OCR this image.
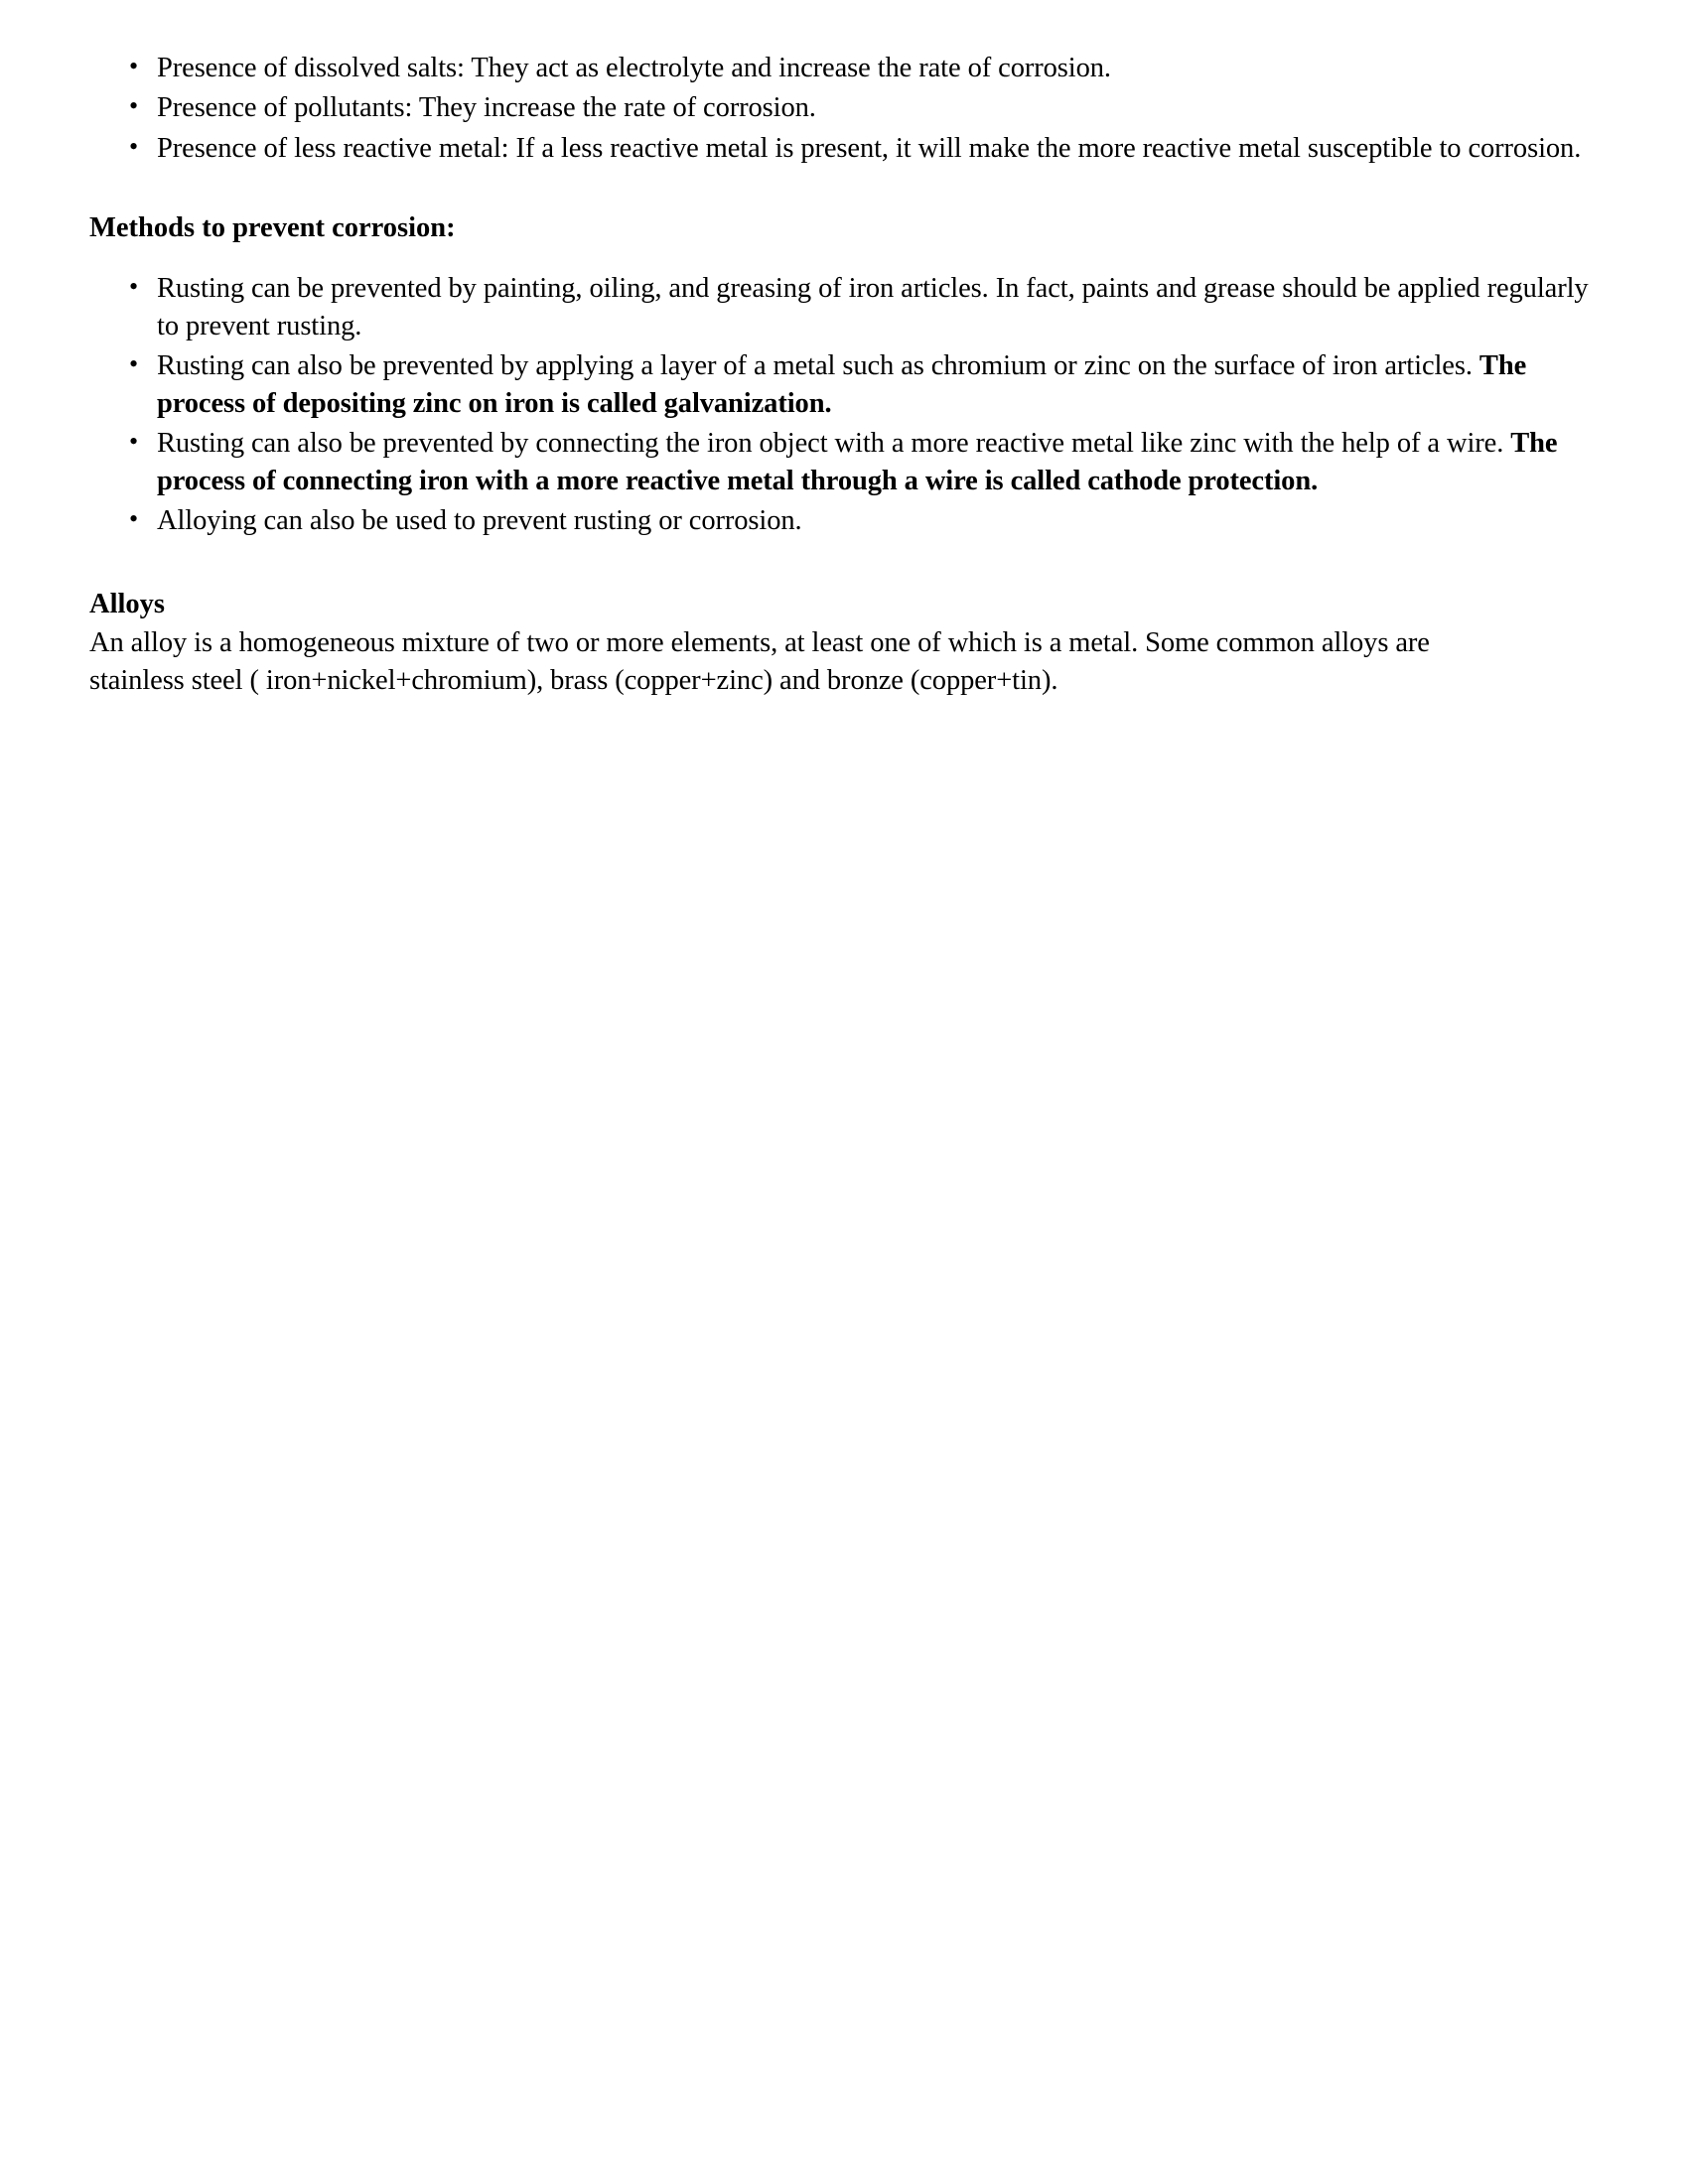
• Presence of dissolved salts: They act as electrolyte and increase the rate of corrosion.
• Presence of pollutants: They increase the rate of corrosion.
• Presence of less reactive metal: If a less reactive metal is present, it will make the more reactive metal susceptible to corrosion.
Methods to prevent corrosion:
• Rusting can be prevented by painting, oiling, and greasing of iron articles. In fact, paints and grease should be applied regularly to prevent rusting.
• Rusting can also be prevented by applying a layer of a metal such as chromium or zinc on the surface of iron articles. The process of depositing zinc on iron is called galvanization.
• Rusting can also be prevented by connecting the iron object with a more reactive metal like zinc with the help of a wire. The process of connecting iron with a more reactive metal through a wire is called cathode protection.
• Alloying can also be used to prevent rusting or corrosion.
Alloys

An alloy is a homogeneous mixture of two or more elements, at least one of which is a metal. Some common alloys are stainless steel ( iron+nickel+chromium), brass (copper+zinc) and bronze (copper+tin).
